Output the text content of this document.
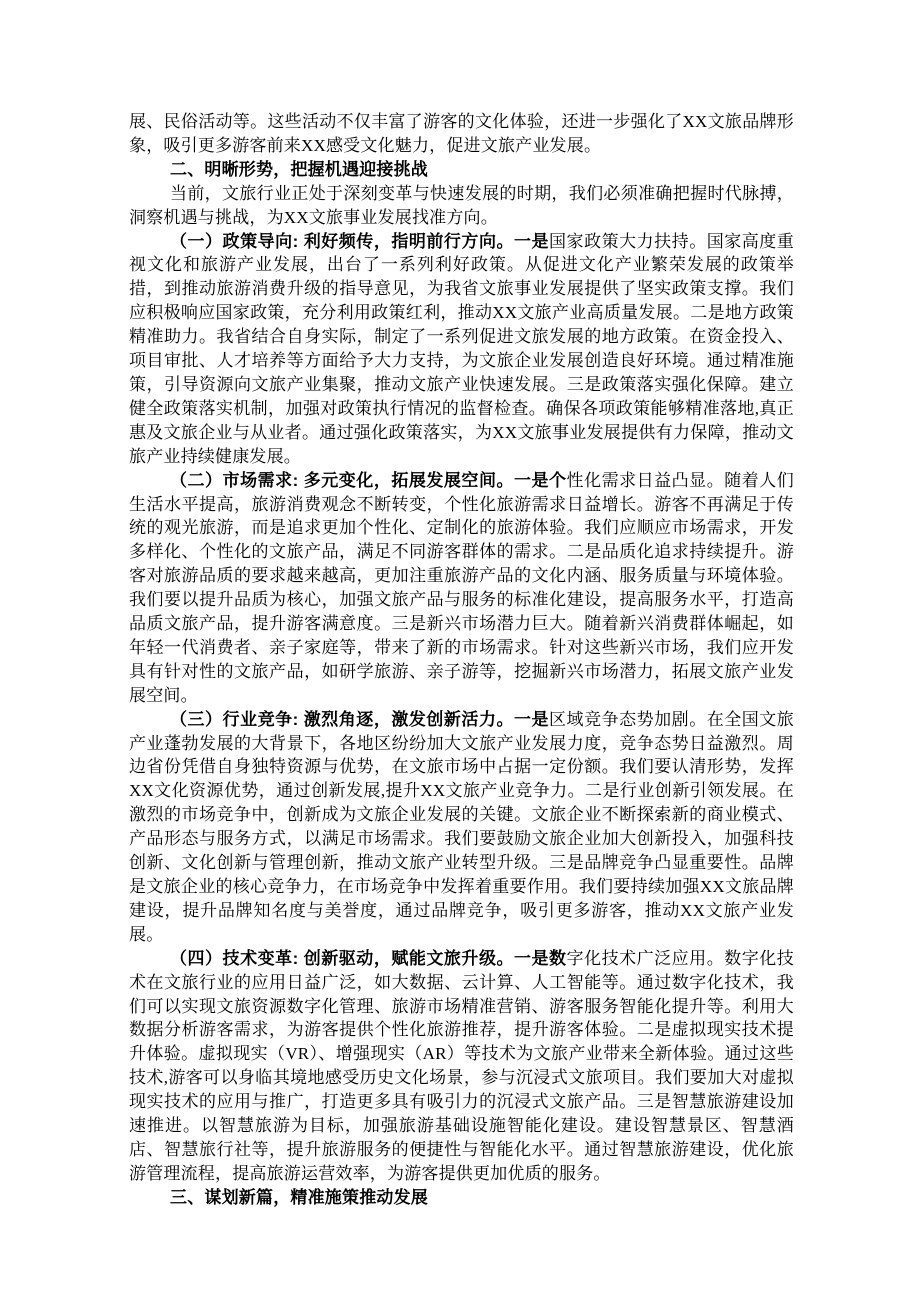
展、民俗活动等。这些活动不仅丰富了游客的文化体验，还进一步强化了XX文旅品牌形象，吸引更多游客前来XX感受文化魅力，促进文旅产业发展。

二、明晰形势，把握机遇迎接挑战

当前，文旅行业正处于深刻变革与快速发展的时期，我们必须准确把握时代脉搏，洞察机遇与挑战，为XX文旅事业发展找准方向。

（一）政策导向: 利好频传，指明前行方向。一是国家政策大力扶持。国家高度重视文化和旅游产业发展，出台了一系列利好政策。从促进文化产业繁荣发展的政策举措，到推动旅游消费升级的指导意见，为我省文旅事业发展提供了坚实政策支撑。我们应积极响应国家政策，充分利用政策红利，推动XX文旅产业高质量发展。二是地方政策精准助力。我省结合自身实际，制定了一系列促进文旅发展的地方政策。在资金投入、项目审批、人才培养等方面给予大力支持，为文旅企业发展创造良好环境。通过精准施策，引导资源向文旅产业集聚，推动文旅产业快速发展。三是政策落实强化保障。建立健全政策落实机制，加强对政策执行情况的监督检查。确保各项政策能够精准落地,真正惠及文旅企业与从业者。通过强化政策落实，为XX文旅事业发展提供有力保障，推动文旅产业持续健康发展。

（二）市场需求: 多元变化，拓展发展空间。一是个性化需求日益凸显。随着人们生活水平提高，旅游消费观念不断转变，个性化旅游需求日益增长。游客不再满足于传统的观光旅游，而是追求更加个性化、定制化的旅游体验。我们应顺应市场需求，开发多样化、个性化的文旅产品，满足不同游客群体的需求。二是品质化追求持续提升。游客对旅游品质的要求越来越高，更加注重旅游产品的文化内涵、服务质量与环境体验。我们要以提升品质为核心，加强文旅产品与服务的标准化建设，提高服务水平，打造高品质文旅产品，提升游客满意度。三是新兴市场潜力巨大。随着新兴消费群体崛起，如年轻一代消费者、亲子家庭等，带来了新的市场需求。针对这些新兴市场，我们应开发具有针对性的文旅产品，如研学旅游、亲子游等，挖掘新兴市场潜力，拓展文旅产业发展空间。

（三）行业竞争: 激烈角逐，激发创新活力。一是区域竞争态势加剧。在全国文旅产业蓬勃发展的大背景下，各地区纷纷加大文旅产业发展力度，竞争态势日益激烈。周边省份凭借自身独特资源与优势，在文旅市场中占据一定份额。我们要认清形势，发挥XX文化资源优势，通过创新发展,提升XX文旅产业竞争力。二是行业创新引领发展。在激烈的市场竞争中，创新成为文旅企业发展的关键。文旅企业不断探索新的商业模式、产品形态与服务方式，以满足市场需求。我们要鼓励文旅企业加大创新投入，加强科技创新、文化创新与管理创新，推动文旅产业转型升级。三是品牌竞争凸显重要性。品牌是文旅企业的核心竞争力，在市场竞争中发挥着重要作用。我们要持续加强XX文旅品牌建设，提升品牌知名度与美誉度，通过品牌竞争，吸引更多游客，推动XX文旅产业发展。

（四）技术变革: 创新驱动，赋能文旅升级。一是数字化技术广泛应用。数字化技术在文旅行业的应用日益广泛，如大数据、云计算、人工智能等。通过数字化技术，我们可以实现文旅资源数字化管理、旅游市场精准营销、游客服务智能化提升等。利用大数据分析游客需求，为游客提供个性化旅游推荐，提升游客体验。二是虚拟现实技术提升体验。虚拟现实（VR）、增强现实（AR）等技术为文旅产业带来全新体验。通过这些技术,游客可以身临其境地感受历史文化场景，参与沉浸式文旅项目。我们要加大对虚拟现实技术的应用与推广，打造更多具有吸引力的沉浸式文旅产品。三是智慧旅游建设加速推进。以智慧旅游为目标，加强旅游基础设施智能化建设。建设智慧景区、智慧酒店、智慧旅行社等，提升旅游服务的便捷性与智能化水平。通过智慧旅游建设，优化旅游管理流程，提高旅游运营效率，为游客提供更加优质的服务。

三、谋划新篇，精准施策推动发展
